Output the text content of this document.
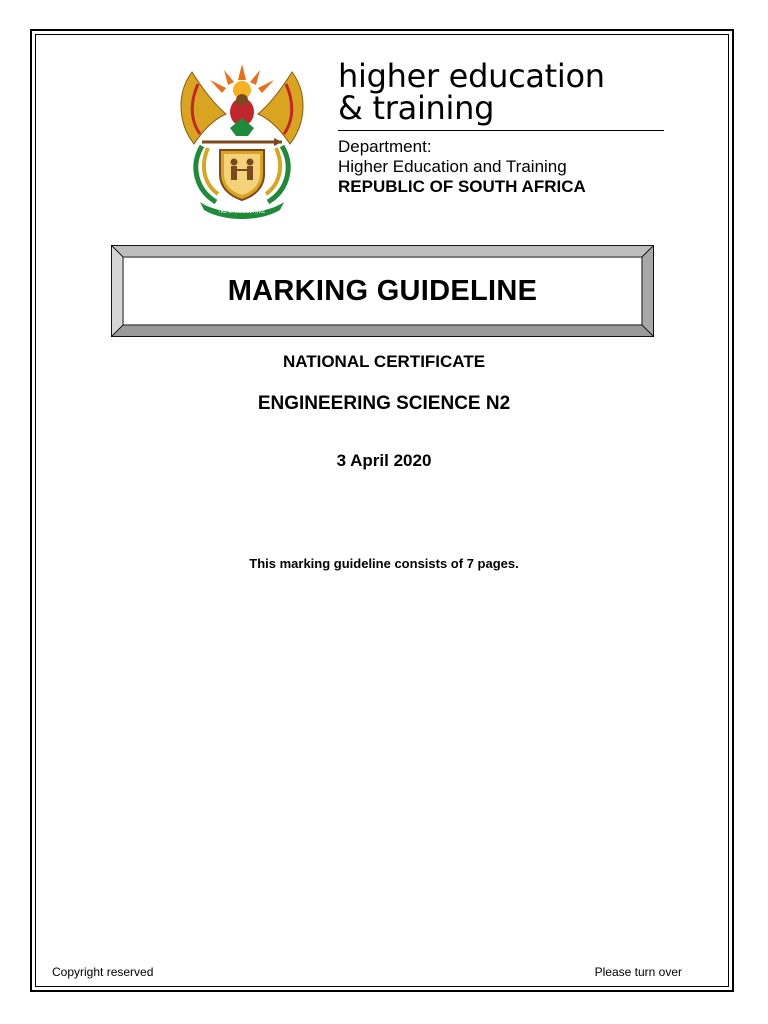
!KE E: /XARRA //KE
higher education
& training
Department:
Higher Education and Training
REPUBLIC OF SOUTH AFRICA
MARKING GUIDELINE
NATIONAL CERTIFICATE
ENGINEERING SCIENCE N2
3 April 2020
This marking guideline consists of 7 pages.
Copyright reserved	Please turn over
